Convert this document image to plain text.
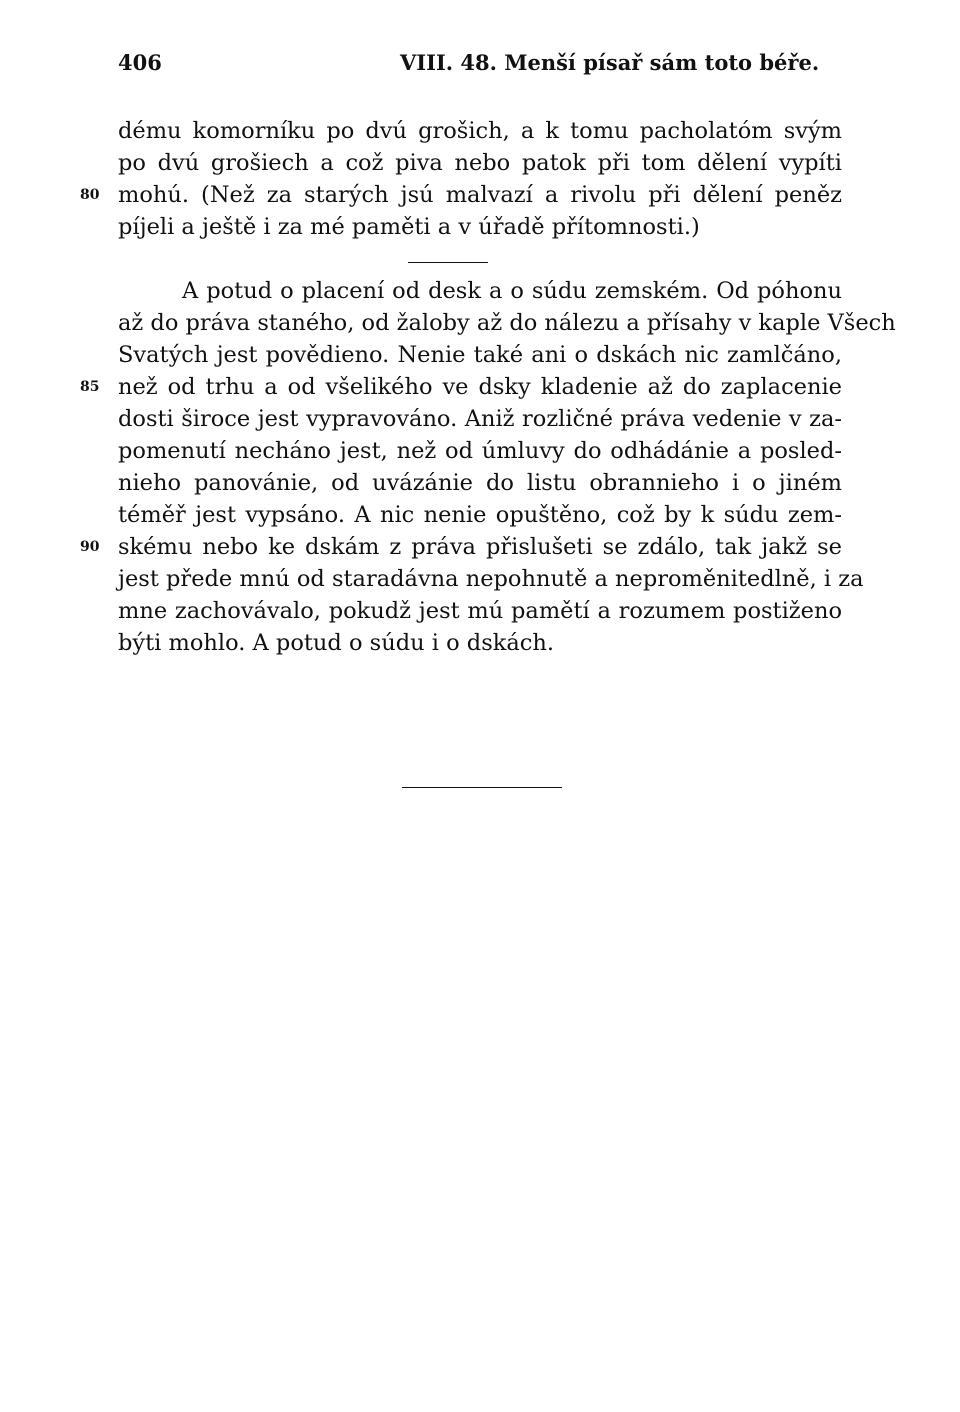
406	VIII. 48. Menší písař sám toto béře.
dému komorníku po dvú grošich, a k tomu pacholatóm svým
po dvú grošiech a což piva nebo patok při tom dělení vypíti
80 mohú. (Než za starých jsú malvazí a rivolu při dělení peněz
píjeli a ještě i za mé paměti a v úřadě přítomnosti.)
A potud o placení od desk a o súdu zemském. Od póhonu
až do práva staného, od žaloby až do nálezu a přísahy v kaple Všech
Svatých jest povědieno. Nenie také ani o dskách nic zamlčáno,
85 než od trhu a od všelikého ve dsky kladenie až do zaplacenie
dosti široce jest vypravováno. Aniž rozličné práva vedenie v za-
pomenutí necháno jest, než od úmluvy do odhádánie a posled-
nieho panovánie, od uvázánie do listu obrannieho i o jiném
téměř jest vypsáno. A nic nenie opuštěno, což by k súdu zem-
90 skému nebo ke dskám z práva přislušeti se zdálo, tak jakž se
jest přede mnú od staradávna nepohnutě a neproměnitedlně, i za
mne zachovávalo, pokudž jest mú pamětí a rozumem postiženo
býti mohlo. A potud o súdu i o dskách.
